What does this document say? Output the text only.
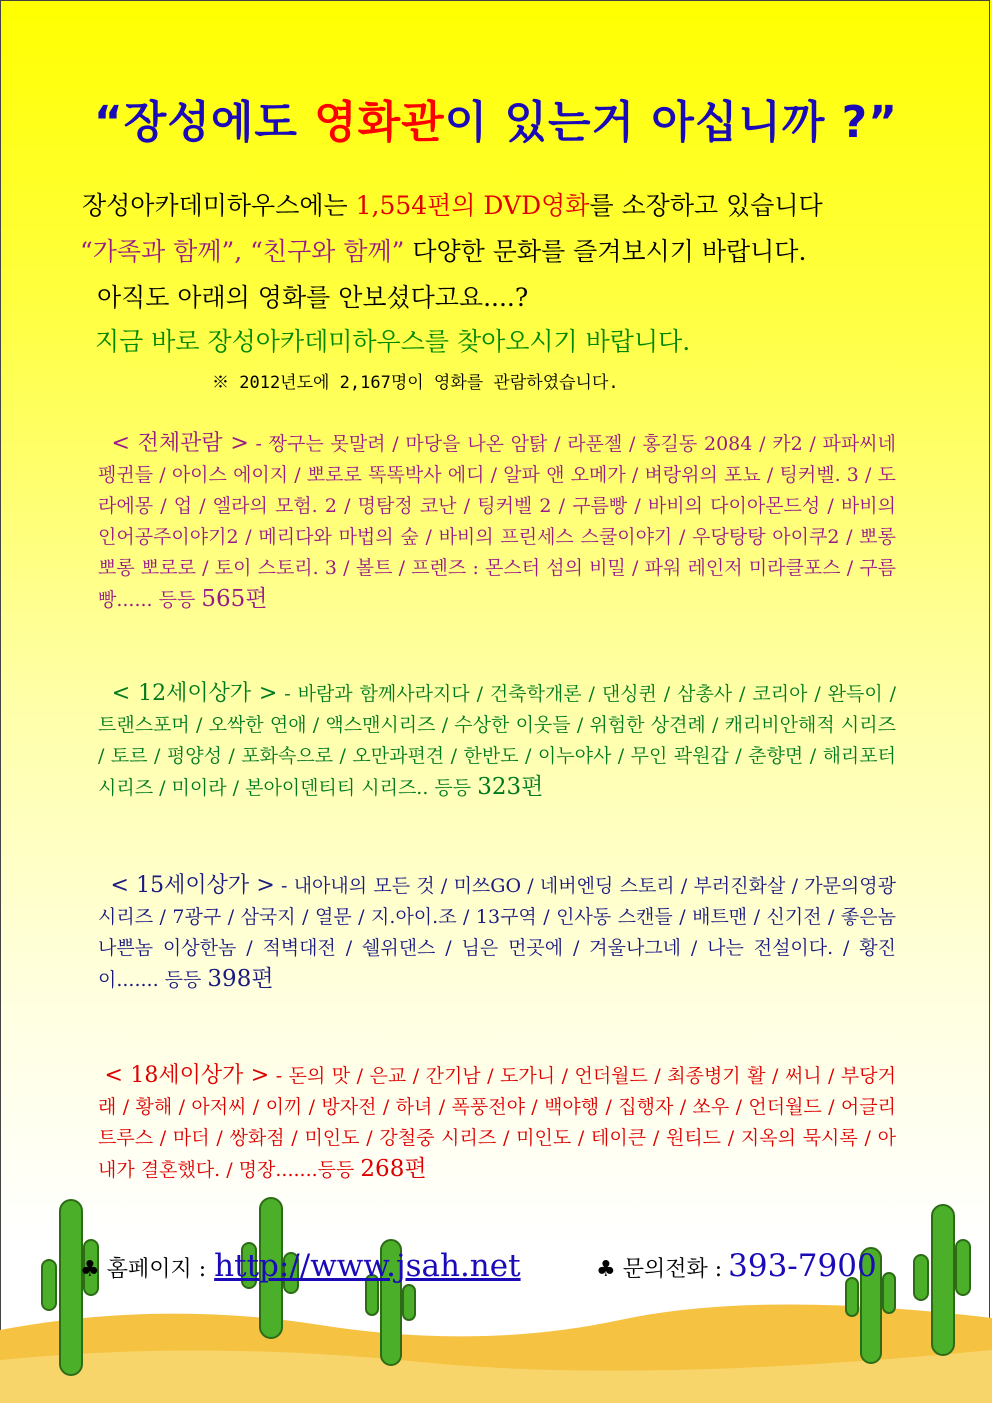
“장성에도 영화관이 있는거 아십니까 ?”
장성아카데미하우스에는 1,554편의 DVD영화를 소장하고 있습니다
“가족과 함께”, “친구와 함께” 다양한 문화를 즐겨보시기 바랍니다.
아직도 아래의 영화를 안보셨다고요....?
지금 바로 장성아카데미하우스를 찾아오시기 바랍니다.
※ 2012년도에 2,167명이 영화를 관람하였습니다.
< 전체관람 > - 짱구는 못말려 / 마당을 나온 암탉 / 라푼젤 / 홍길동 2084 / 카2 / 파파씨네 펭귄들 / 아이스 에이지 / 뽀로로 똑똑박사 에디 / 알파 앤 오메가 / 벼랑위의 포뇨 / 팅커벨. 3 / 도라에몽 / 업 / 엘라의 모험. 2 / 명탐정 코난 / 팅커벨 2 / 구름빵 / 바비의 다이아몬드성 / 바비의 인어공주이야기2 / 메리다와 마법의 숲 / 바비의 프린세스 스쿨이야기 / 우당탕탕 아이쿠2 / 뽀롱뽀롱 뽀로로 / 토이 스토리. 3 / 볼트 / 프렌즈 : 몬스터 섬의 비밀 / 파워 레인저 미라클포스 / 구름빵...... 등등 565편
< 12세이상가 > - 바람과 함께사라지다 / 건축학개론 / 댄싱퀸 / 삼총사 / 코리아 / 완득이 / 트랜스포머 / 오싹한 연애 / 액스맨시리즈 / 수상한 이웃들 / 위험한 상견례 / 캐리비안해적 시리즈 / 토르 / 평양성 / 포화속으로 / 오만과편견 / 한반도 / 이누야사 / 무인 곽원갑 / 춘향면 / 해리포터 시리즈 / 미이라 / 본아이덴티티 시리즈.. 등등 323편
< 15세이상가 > - 내아내의 모든 것 / 미쓰GO / 네버엔딩 스토리 / 부러진화살 / 가문의영광 시리즈 / 7광구 / 삼국지 / 열문 / 지.아이.조 / 13구역 / 인사동 스캔들 / 배트맨 / 신기전 / 좋은놈 나쁜놈 이상한놈 / 적벽대전 / 쉘위댄스 / 님은 먼곳에 / 겨울나그네 / 나는 전설이다. / 황진이....... 등등 398편
< 18세이상가 > - 돈의 맛 / 은교 / 간기남 / 도가니 / 언더월드 / 최종병기 활 / 써니 / 부당거래 / 황해 / 아저씨 / 이끼 / 방자전 / 하녀 / 폭풍전야 / 백야행 / 집행자 / 쏘우 / 언더월드 / 어글리 트루스 / 마더 / 쌍화점 / 미인도 / 강철중 시리즈 / 미인도 / 테이큰 / 원티드 / 지옥의 묵시록 / 아내가 결혼했다. / 명장.......등등 268편
♣ 홈페이지 : http://www.jsah.net	♣ 문의전화 : 393-7900
